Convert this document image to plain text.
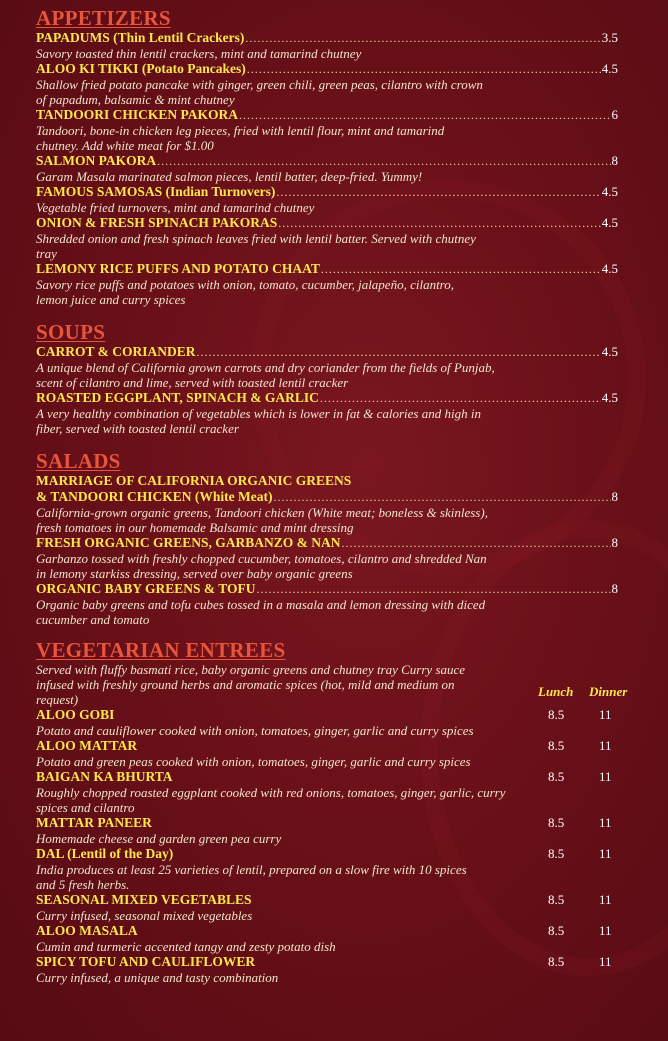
APPETIZERS
PAPADUMS (Thin Lentil Crackers) .....	3.5
Savory toasted thin lentil crackers, mint and tamarind chutney
ALOO KI TIKKI (Potato Pancakes) .....	4.5
Shallow fried potato pancake with ginger, green chili, green peas, cilantro with crown of papadum, balsamic & mint chutney
TANDOORI CHICKEN PAKORA .....	6
Tandoori, bone-in chicken leg pieces, fried with lentil flour, mint and tamarind chutney. Add white meat for $1.00
SALMON PAKORA .....	8
Garam Masala marinated salmon pieces, lentil batter, deep-fried. Yummy!
FAMOUS SAMOSAS (Indian Turnovers) .....	4.5
Vegetable fried turnovers, mint and tamarind chutney
ONION & FRESH SPINACH PAKORAS .....	4.5
Shredded onion and fresh spinach leaves fried with lentil batter. Served with chutney tray
LEMONY RICE PUFFS AND POTATO CHAAT .....	4.5
Savory rice puffs and potatoes with onion, tomato, cucumber, jalapeño, cilantro, lemon juice and curry spices
SOUPS
CARROT & CORIANDER .....	4.5
A unique blend of California grown carrots and dry coriander from the fields of Punjab, scent of cilantro and lime, served with toasted lentil cracker
ROASTED EGGPLANT, SPINACH & GARLIC .....	4.5
A very healthy combination of vegetables which is lower in fat & calories and high in fiber, served with toasted lentil cracker
SALADS
MARRIAGE OF CALIFORNIA ORGANIC GREENS
& TANDOORI CHICKEN (White Meat) .....	8
California-grown organic greens, Tandoori chicken (White meat; boneless & skinless), fresh tomatoes in our homemade Balsamic and mint dressing
FRESH ORGANIC GREENS, GARBANZO & NAN .....	8
Garbanzo tossed with freshly chopped cucumber, tomatoes, cilantro and shredded Nan in lemony starkiss dressing, served over baby organic greens
ORGANIC BABY GREENS & TOFU .....	8
Organic baby greens and tofu cubes tossed in a masala and lemon dressing with diced cucumber and tomato
VEGETARIAN ENTREES
Served with fluffy basmati rice, baby organic greens and chutney tray Curry sauce infused with freshly ground herbs and aromatic spices (hot, mild and medium on request)
Lunch Dinner
ALOO GOBI	8.5	11
Potato and cauliflower cooked with onion, tomatoes, ginger, garlic and curry spices
ALOO MATTAR	8.5	11
Potato and green peas cooked with onion, tomatoes, ginger, garlic and curry spices
BAIGAN KA BHURTA	8.5	11
Roughly chopped roasted eggplant cooked with red onions, tomatoes, ginger, garlic, curry spices and cilantro
MATTAR PANEER	8.5	11
Homemade cheese and garden green pea curry
DAL (Lentil of the Day)	8.5	11
India produces at least 25 varieties of lentil, prepared on a slow fire with 10 spices and 5 fresh herbs.
SEASONAL MIXED VEGETABLES	8.5	11
Curry infused, seasonal mixed vegetables
ALOO MASALA	8.5	11
Cumin and turmeric accented tangy and zesty potato dish
SPICY TOFU AND CAULIFLOWER	8.5	11
Curry infused, a unique and tasty combination
